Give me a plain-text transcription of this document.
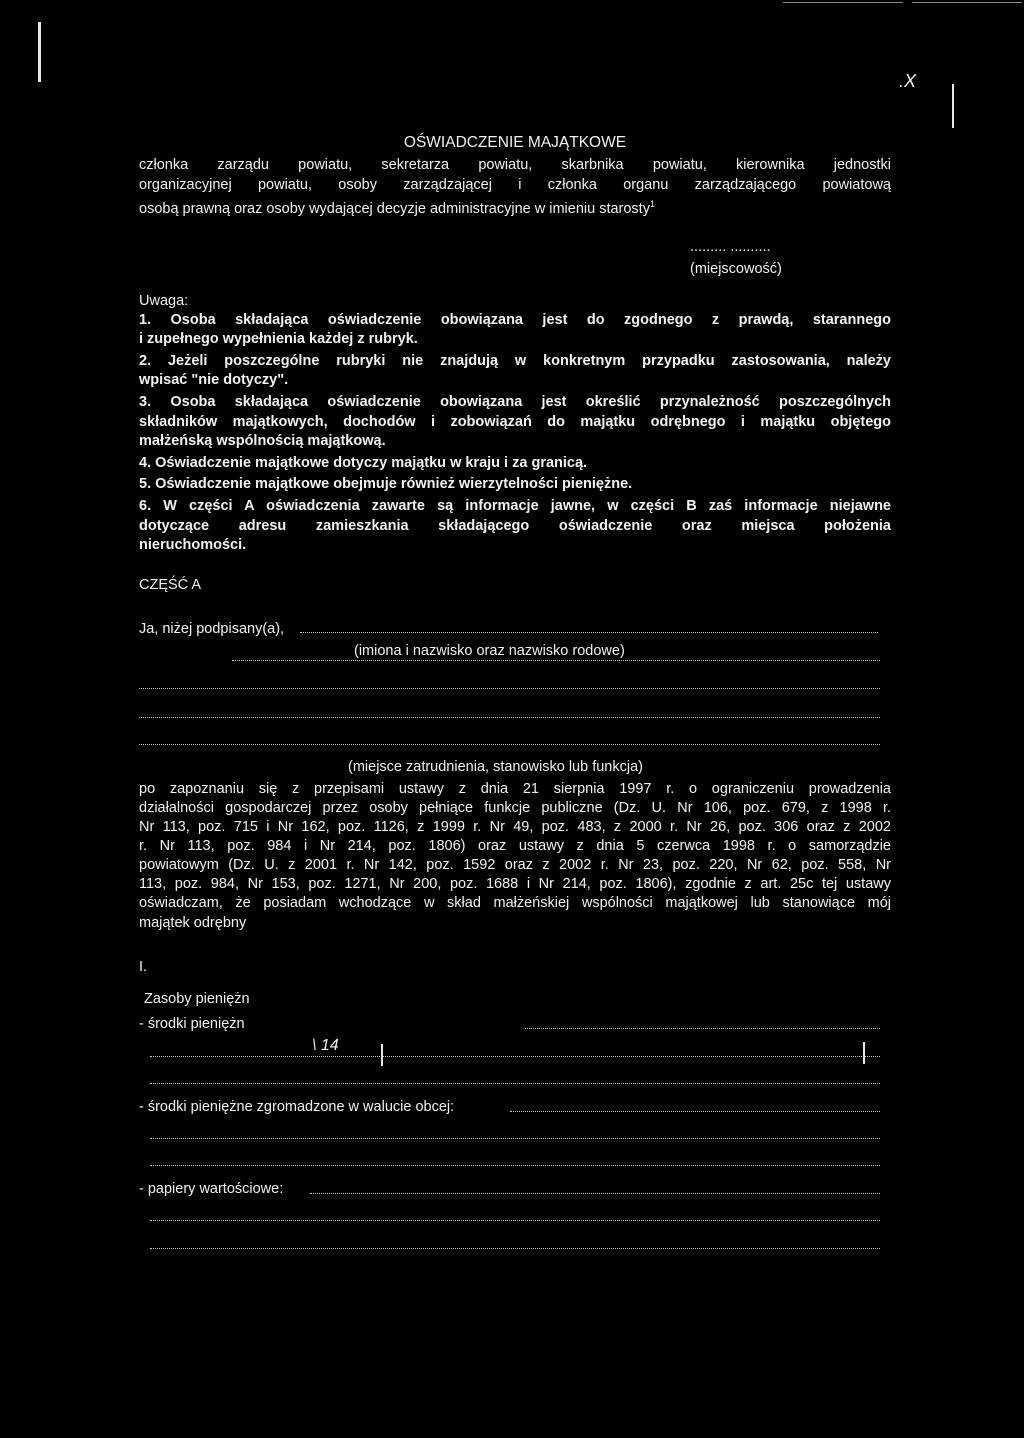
.X
OŚWIADCZENIE MAJĄTKOWE
członka zarządu powiatu, sekretarza powiatu, skarbnika powiatu, kierownika jednostki
organizacyjnej powiatu, osoby zarządzającej i członka organu zarządzającego powiatową
osobą prawną oraz osoby wydającej decyzje administracyjne w imieniu starosty$^1$
......... ..........
(miejscowość)
Uwaga:
1. Osoba składająca oświadczenie obowiązana jest do zgodnego z prawdą, starannego
i zupełnego wypełnienia każdej z rubryk.
2. Jeżeli poszczególne rubryki nie znajdują w konkretnym przypadku zastosowania, należy
wpisać "nie dotyczy".
3. Osoba składająca oświadczenie obowiązana jest określić przynależność poszczególnych
składników majątkowych, dochodów i zobowiązań do majątku odrębnego i majątku objętego
małżeńską wspólnością majątkową.
4. Oświadczenie majątkowe dotyczy majątku w kraju i za granicą.
5. Oświadczenie majątkowe obejmuje również wierzytelności pieniężne.
6. W części A oświadczenia zawarte są informacje jawne, w części B zaś informacje niejawne
dotyczące adresu zamieszkania składającego oświadczenie oraz miejsca położenia
nieruchomości.
CZĘŚĆ A
Ja, niżej podpisany(a),
(imiona i nazwisko oraz nazwisko rodowe)
(miejsce zatrudnienia, stanowisko lub funkcja)
po zapoznaniu się z przepisami ustawy z dnia 21 sierpnia 1997 r. o ograniczeniu prowadzenia
działalności gospodarczej przez osoby pełniące funkcje publiczne (Dz. U. Nr 106, poz. 679, z 1998 r.
Nr 113, poz. 715 i Nr 162, poz. 1126, z 1999 r. Nr 49, poz. 483, z 2000 r. Nr 26, poz. 306 oraz z 2002
r. Nr 113, poz. 984 i Nr 214, poz. 1806) oraz ustawy z dnia 5 czerwca 1998 r. o samorządzie
powiatowym (Dz. U. z 2001 r. Nr 142, poz. 1592 oraz z 2002 r. Nr 23, poz. 220, Nr 62, poz. 558, Nr
113, poz. 984, Nr 153, poz. 1271, Nr 200, poz. 1688 i Nr 214, poz. 1806), zgodnie z art. 25c tej ustawy
oświadczam, że posiadam wchodzące w skład małżeńskiej wspólności majątkowej lub stanowiące mój
majątek odrębny
I.
Zasoby pieniężn
- środki pieniężn
\ 14
- środki pieniężne zgromadzone w walucie obcej:
- papiery wartościowe:
